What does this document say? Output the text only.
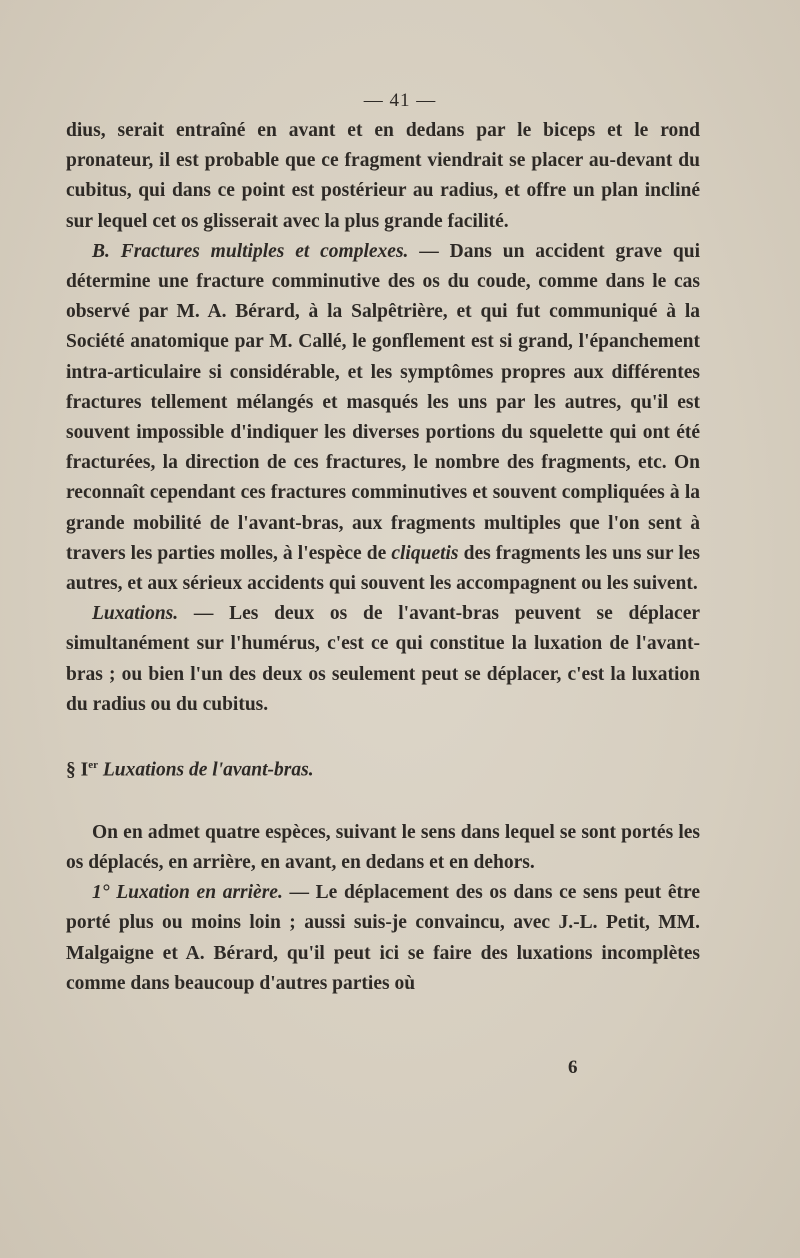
— 41 —

dius, serait entraîné en avant et en dedans par le biceps et le rond pronateur, il est probable que ce fragment viendrait se placer au-devant du cubitus, qui dans ce point est postérieur au radius, et offre un plan incliné sur lequel cet os glisserait avec la plus grande facilité.

B. Fractures multiples et complexes. — Dans un accident grave qui détermine une fracture comminutive des os du coude, comme dans le cas observé par M. A. Bérard, à la Salpêtrière, et qui fut communiqué à la Société anatomique par M. Callé, le gonflement est si grand, l'épanchement intra-articulaire si considérable, et les symptômes propres aux différentes fractures tellement mélangés et masqués les uns par les autres, qu'il est souvent impossible d'indiquer les diverses portions du squelette qui ont été fracturées, la direction de ces fractures, le nombre des fragments, etc. On reconnaît cependant ces fractures comminutives et souvent compliquées à la grande mobilité de l'avant-bras, aux fragments multiples que l'on sent à travers les parties molles, à l'espèce de cliquetis des fragments les uns sur les autres, et aux sérieux accidents qui souvent les accompagnent ou les suivent.

Luxations. — Les deux os de l'avant-bras peuvent se déplacer simultanément sur l'humérus, c'est ce qui constitue la luxation de l'avant-bras ; ou bien l'un des deux os seulement peut se déplacer, c'est la luxation du radius ou du cubitus.

§ Ier Luxations de l'avant-bras.

On en admet quatre espèces, suivant le sens dans lequel se sont portés les os déplacés, en arrière, en avant, en dedans et en dehors.

1° Luxation en arrière. — Le déplacement des os dans ce sens peut être porté plus ou moins loin ; aussi suis-je convaincu, avec J.-L. Petit, MM. Malgaigne et A. Bérard, qu'il peut ici se faire des luxations incomplètes comme dans beaucoup d'autres parties où

6
